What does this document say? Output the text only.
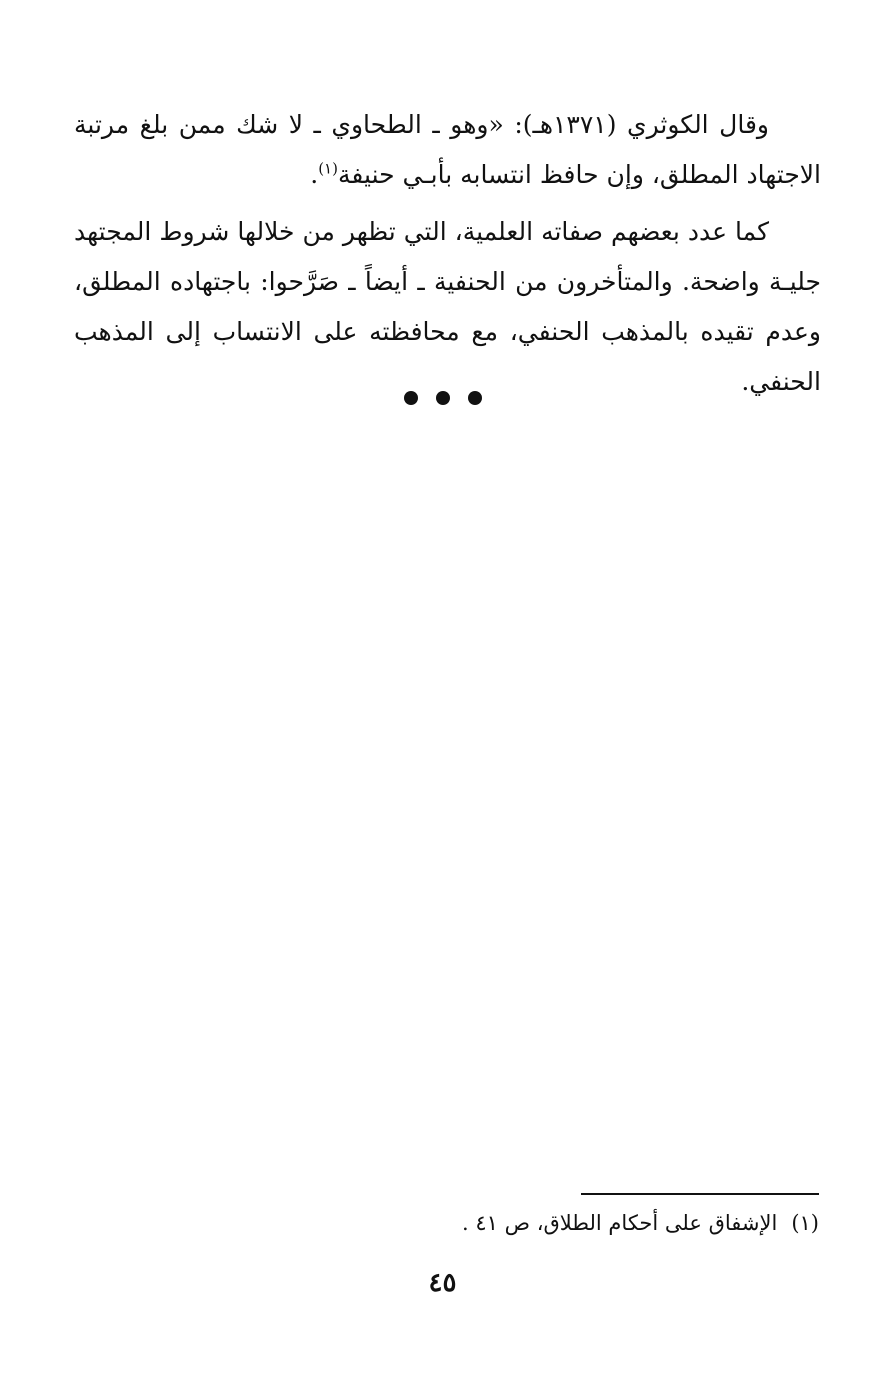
وقال الكوثري (١٣٧١هـ): «وهو ـ الطحاوي ـ لا شك ممن بلغ مرتبة الاجتهاد المطلق، وإن حافظ انتسابه بأبـي حنيفة$^{(١)}$.

كما عدد بعضهم صفاته العلمية، التي تظهر من خلالها شروط المجتهد جليـة واضحة. والمتأخرون من الحنفية ـ أيضاً ـ صَرَّحوا: باجتهاده المطلق، وعدم تقيده بالمذهب الحنفي، مع محافظته على الانتساب إلى المذهب الحنفي.

(١)الإشفاق على أحكام الطلاق، ص ٤١ .
٤٥
